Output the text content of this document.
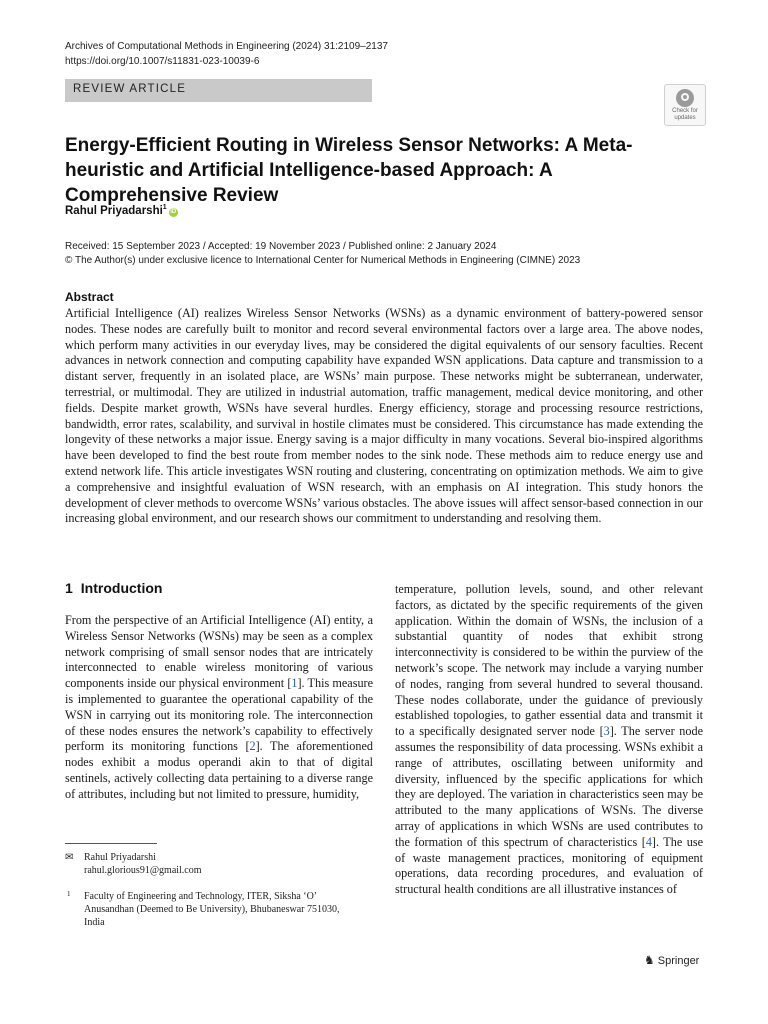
Archives of Computational Methods in Engineering (2024) 31:2109–2137
https://doi.org/10.1007/s11831-023-10039-6
REVIEW ARTICLE
Check for updates
Energy-Efficient Routing in Wireless Sensor Networks: A Meta-heuristic and Artificial Intelligence-based Approach: A Comprehensive Review
Rahul Priyadarshi$^1$iD
Received: 15 September 2023 / Accepted: 19 November 2023 / Published online: 2 January 2024
© The Author(s) under exclusive licence to International Center for Numerical Methods in Engineering (CIMNE) 2023
Abstract
Artificial Intelligence (AI) realizes Wireless Sensor Networks (WSNs) as a dynamic environment of battery-powered sensor nodes. These nodes are carefully built to monitor and record several environmental factors over a large area. The above nodes, which perform many activities in our everyday lives, may be considered the digital equivalents of our sensory faculties. Recent advances in network connection and computing capability have expanded WSN applications. Data capture and transmission to a distant server, frequently in an isolated place, are WSNs’ main purpose. These networks might be subterranean, underwater, terrestrial, or multimodal. They are utilized in industrial automation, traffic management, medical device monitoring, and other fields. Despite market growth, WSNs have several hurdles. Energy efficiency, storage and processing resource restrictions, bandwidth, error rates, scalability, and survival in hostile climates must be considered. This circumstance has made extending the longevity of these networks a major issue. Energy saving is a major difficulty in many vocations. Several bio-inspired algorithms have been developed to find the best route from member nodes to the sink node. These methods aim to reduce energy use and extend network life. This article investigates WSN routing and clustering, concentrating on optimization methods. We aim to give a comprehensive and insightful evaluation of WSN research, with an emphasis on AI integration. This study honors the development of clever methods to overcome WSNs’ various obstacles. The above issues will affect sensor-based connection in our increasing global environment, and our research shows our commitment to understanding and resolving them.
1 Introduction
From the perspective of an Artificial Intelligence (AI) entity, a Wireless Sensor Networks (WSNs) may be seen as a complex network comprising of small sensor nodes that are intricately interconnected to enable wireless monitoring of various components inside our physical environment [1]. This measure is implemented to guarantee the operational capability of the WSN in carrying out its monitoring role. The interconnection of these nodes ensures the network’s capability to effectively perform its monitoring functions [2]. The aforementioned nodes exhibit a modus operandi akin to that of digital sentinels, actively collecting data pertaining to a diverse range of attributes, including but not limited to pressure, humidity,
temperature, pollution levels, sound, and other relevant factors, as dictated by the specific requirements of the given application. Within the domain of WSNs, the inclusion of a substantial quantity of nodes that exhibit strong interconnectivity is considered to be within the purview of the network’s scope. The network may include a varying number of nodes, ranging from several hundred to several thousand. These nodes collaborate, under the guidance of previously established topologies, to gather essential data and transmit it to a specifically designated server node [3]. The server node assumes the responsibility of data processing. WSNs exhibit a range of attributes, oscillating between uniformity and diversity, influenced by the specific applications for which they are deployed. The variation in characteristics seen may be attributed to the many applications of WSNs. The diverse array of applications in which WSNs are used contributes to the formation of this spectrum of characteristics [4]. The use of waste management practices, monitoring of equipment operations, data recording procedures, and evaluation of structural health conditions are all illustrative instances of
✉ Rahul Priyadarshi
rahul.glorious91@gmail.com
1 Faculty of Engineering and Technology, ITER, Siksha ‘O’ Anusandhan (Deemed to Be University), Bhubaneswar 751030, India
♞ Springer
